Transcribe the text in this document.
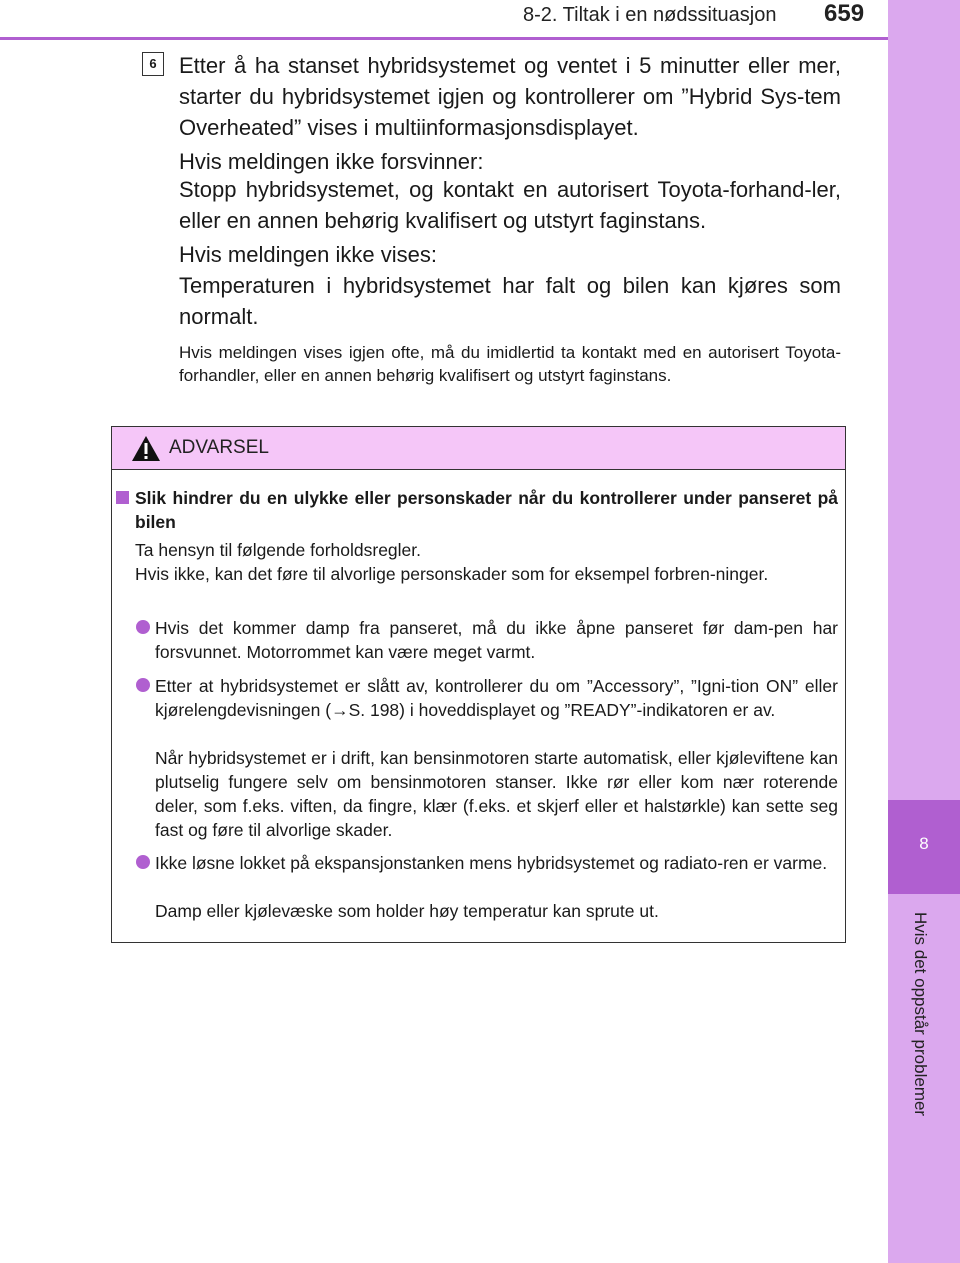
8
Hvis det oppstår problemer
8-2. Tiltak i en nødssituasjon 659
6	Etter å ha stanset hybridsystemet og ventet i 5 minutter eller mer, starter du hybridsystemet igjen og kontrollerer om ”Hybrid Sys-tem Overheated” vises i multiinformasjonsdisplayet.
Hvis meldingen ikke forsvinner:
Stopp hybridsystemet, og kontakt en autorisert Toyota-forhand-ler, eller en annen behørig kvalifisert og utstyrt faginstans.
Hvis meldingen ikke vises:
Temperaturen i hybridsystemet har falt og bilen kan kjøres som normalt.
Hvis meldingen vises igjen ofte, må du imidlertid ta kontakt med en autorisert Toyota-forhandler, eller en annen behørig kvalifisert og utstyrt faginstans.
ADVARSEL
Slik hindrer du en ulykke eller personskader når du kontrollerer under panseret på bilen
Ta hensyn til følgende forholdsregler.
Hvis ikke, kan det føre til alvorlige personskader som for eksempel forbren-ninger.
Hvis det kommer damp fra panseret, må du ikke åpne panseret før dam-pen har forsvunnet. Motorrommet kan være meget varmt.
Etter at hybridsystemet er slått av, kontrollerer du om ”Accessory”, ”Igni-tion ON” eller kjørelengdevisningen (→S. 198) i hoveddisplayet og ”READY”-indikatoren er av.
Når hybridsystemet er i drift, kan bensinmotoren starte automatisk, eller kjøleviftene kan plutselig fungere selv om bensinmotoren stanser. Ikke rør eller kom nær roterende deler, som f.eks. viften, da fingre, klær (f.eks. et skjerf eller et halstørkle) kan sette seg fast og føre til alvorlige skader.
Ikke løsne lokket på ekspansjonstanken mens hybridsystemet og radiato-ren er varme.
Damp eller kjølevæske som holder høy temperatur kan sprute ut.
